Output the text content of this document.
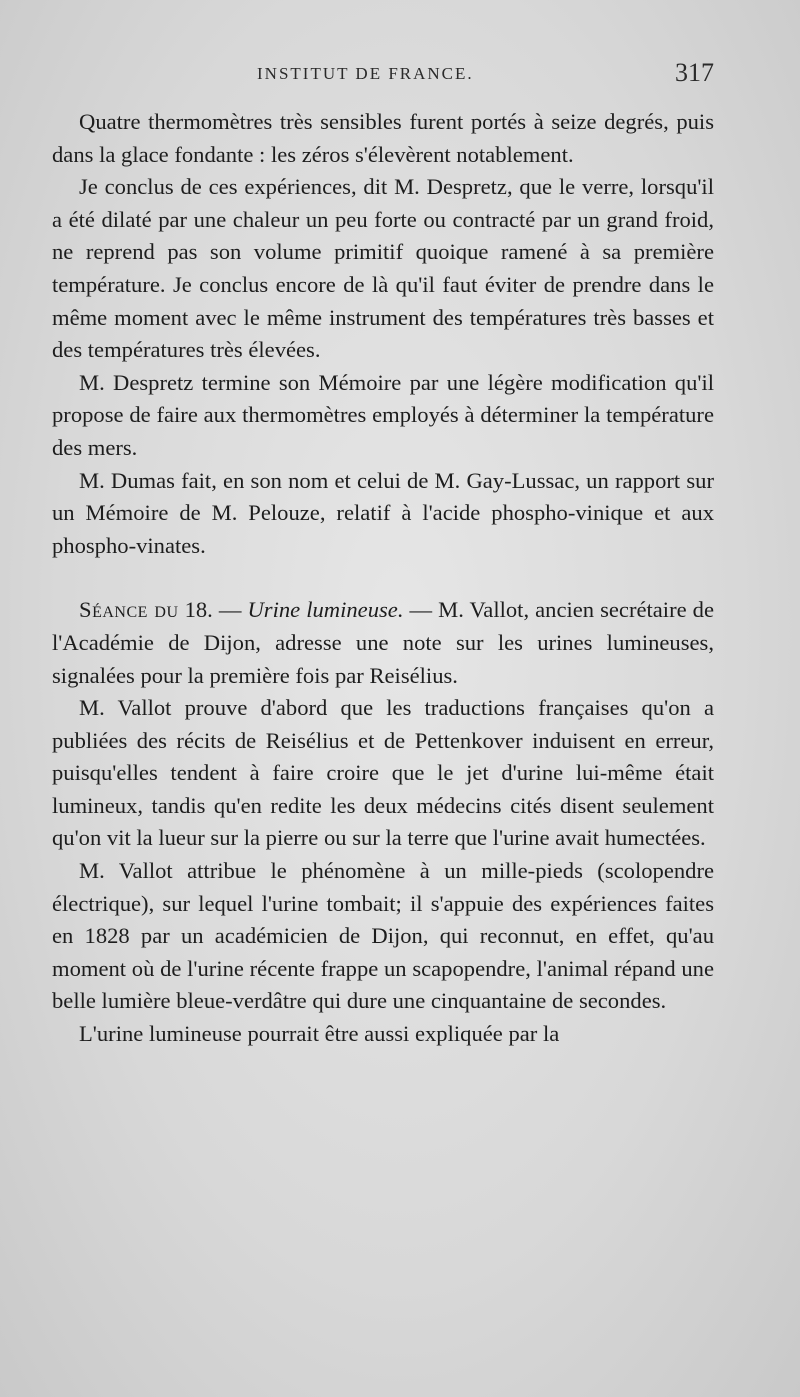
INSTITUT DE FRANCE.	317

Quatre thermomètres très sensibles furent portés à seize degrés, puis dans la glace fondante : les zéros s'élevèrent notablement.

Je conclus de ces expériences, dit M. Despretz, que le verre, lorsqu'il a été dilaté par une chaleur un peu forte ou contracté par un grand froid, ne reprend pas son volume primitif quoique ramené à sa première température. Je conclus encore de là qu'il faut éviter de prendre dans le même moment avec le même instrument des températures très basses et des températures très élevées.

M. Despretz termine son Mémoire par une légère modification qu'il propose de faire aux thermomètres employés à déterminer la température des mers.

M. Dumas fait, en son nom et celui de M. Gay-Lussac, un rapport sur un Mémoire de M. Pelouze, relatif à l'acide phospho-vinique et aux phospho-vinates.

Séance du 18. — Urine lumineuse. — M. Vallot, ancien secrétaire de l'Académie de Dijon, adresse une note sur les urines lumineuses, signalées pour la première fois par Reisélius.

M. Vallot prouve d'abord que les traductions françaises qu'on a publiées des récits de Reisélius et de Pettenkover induisent en erreur, puisqu'elles tendent à faire croire que le jet d'urine lui-même était lumineux, tandis qu'en redite les deux médecins cités disent seulement qu'on vit la lueur sur la pierre ou sur la terre que l'urine avait humectées.

M. Vallot attribue le phénomène à un mille-pieds (scolopendre électrique), sur lequel l'urine tombait; il s'appuie des expériences faites en 1828 par un académicien de Dijon, qui reconnut, en effet, qu'au moment où de l'urine récente frappe un scapopendre, l'animal répand une belle lumière bleue-verdâtre qui dure une cinquantaine de secondes.

L'urine lumineuse pourrait être aussi expliquée par la
